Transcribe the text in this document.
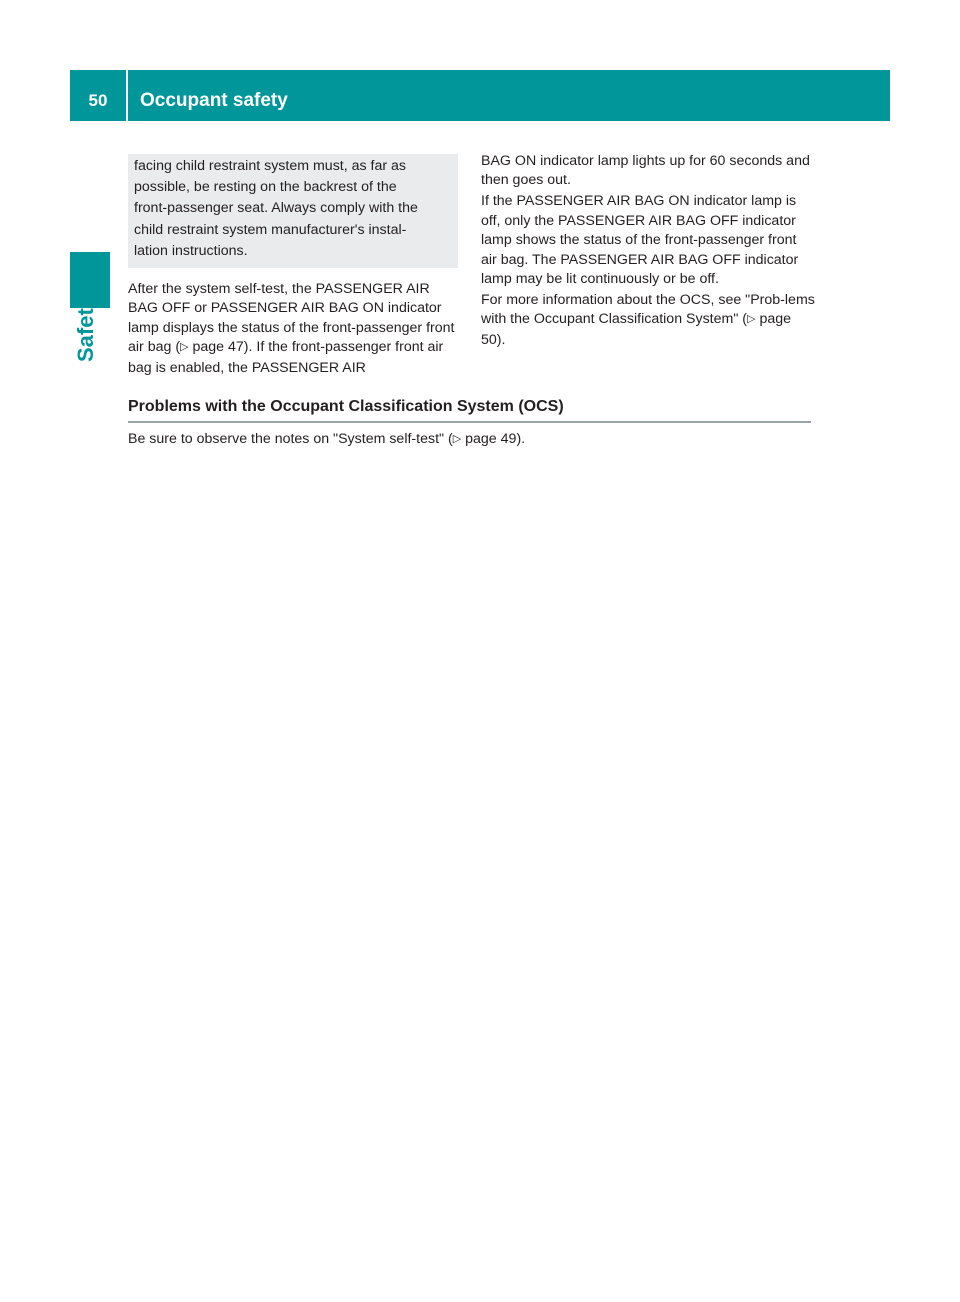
50	Occupant safety
Safety

facing child restraint system must, as far as

possible, be resting on the backrest of the

front-passenger seat. Always comply with the

child restraint system manufacturer's instal-

lation instructions.

After the system self-test, the PASSENGER AIR BAG OFF or PASSENGER AIR BAG ON indicator lamp displays the status of the front-passenger front air bag (▷ page 47). If the front-passenger front air bag is enabled, the PASSENGER AIR

BAG ON indicator lamp lights up for 60 seconds and then goes out.

If the PASSENGER AIR BAG ON indicator lamp is off, only the PASSENGER AIR BAG OFF indicator lamp shows the status of the front-passenger front air bag. The PASSENGER AIR BAG OFF indicator lamp may be lit continuously or be off.

For more information about the OCS, see "Prob-lems with the Occupant Classification System" (▷ page 50).

Problems with the Occupant Classification System (OCS)

Be sure to observe the notes on "System self-test" (▷ page 49).
